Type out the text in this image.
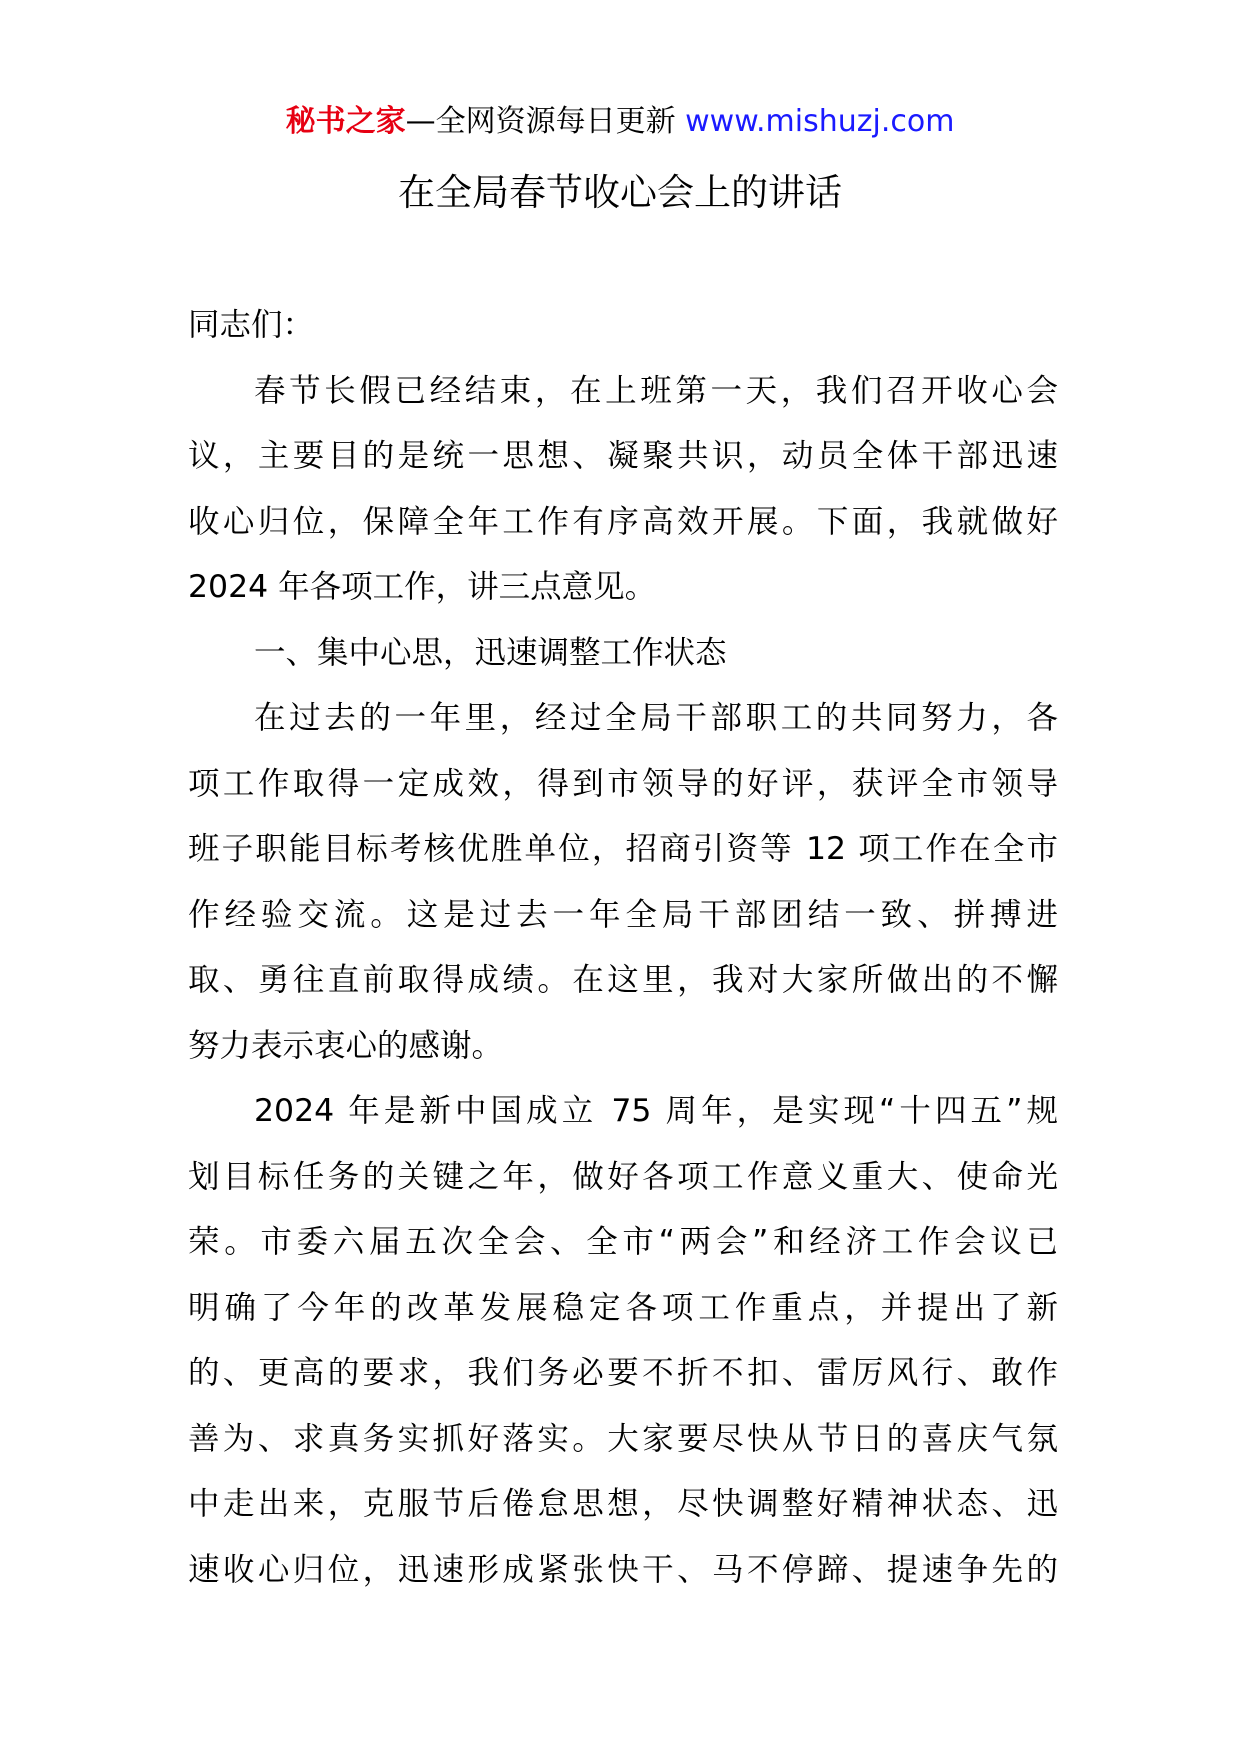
秘书之家—全网资源每日更新 www.mishuzj.com
在全局春节收心会上的讲话
同志们：
春节长假已经结束，在上班第一天，我们召开收心会
议，主要目的是统一思想、凝聚共识，动员全体干部迅速
收心归位，保障全年工作有序高效开展。下面，我就做好
2024 年各项工作，讲三点意见。
一、集中心思，迅速调整工作状态
在过去的一年里，经过全局干部职工的共同努力，各
项工作取得一定成效，得到市领导的好评，获评全市领导
班子职能目标考核优胜单位，招商引资等 12 项工作在全市
作经验交流。这是过去一年全局干部团结一致、拼搏进
取、勇往直前取得成绩。在这里，我对大家所做出的不懈
努力表示衷心的感谢。
2024 年是新中国成立 75 周年，是实现“十四五”规
划目标任务的关键之年，做好各项工作意义重大、使命光
荣。市委六届五次全会、全市“两会”和经济工作会议已
明确了今年的改革发展稳定各项工作重点，并提出了新
的、更高的要求，我们务必要不折不扣、雷厉风行、敢作
善为、求真务实抓好落实。大家要尽快从节日的喜庆气氛
中走出来，克服节后倦怠思想，尽快调整好精神状态、迅
速收心归位，迅速形成紧张快干、马不停蹄、提速争先的
